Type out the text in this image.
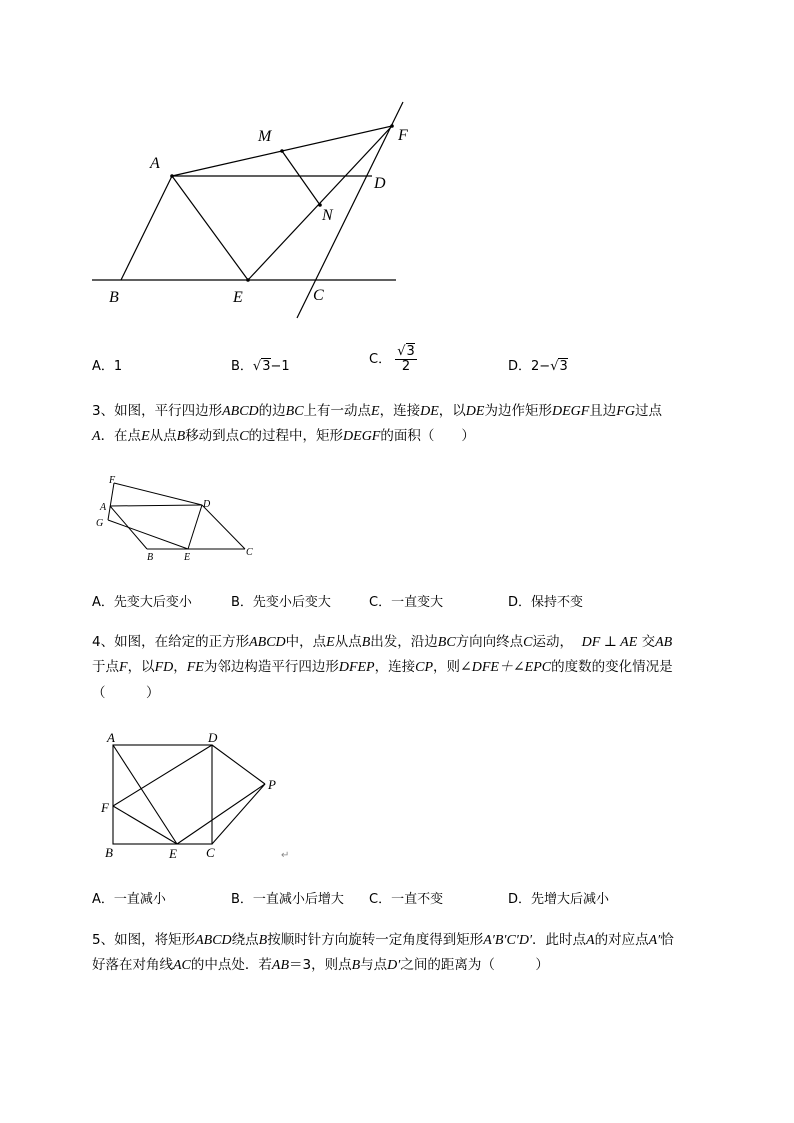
A
B	C
D
E
F
M
N
A．1	B．√3−1	C． $\frac{√3}{2}$	D．2−√3
3、如图，平行四边形ABCD的边BC上有一动点E，连接DE，以DE为边作矩形DEGF且边FG过点
A．在点E从点B移动到点C的过程中，矩形DEGF的面积（　　）
F
A
G
D
B	E	C
A．先变大后变小	B．先变小后变大	C．一直变大	D．保持不变
4、如图，在给定的正方形ABCD中，点E从点B出发，沿边BC方向向终点C运动， DF ⊥ AE 交AB
于点F，以FD，FE为邻边构造平行四边形DFEP，连接CP，则∠DFE＋∠EPC的度数的变化情况是
（　　　）
A	D
P
F
B	E C	↵
A．一直减小	B．一直减小后增大 C．一直不变	D．先增大后减小
5、如图，将矩形ABCD绕点B按顺时针方向旋转一定角度得到矩形A′B′C′D′．此时点A的对应点A′恰
好落在对角线AC的中点处．若AB＝3，则点B与点D′之间的距离为（　　　）
